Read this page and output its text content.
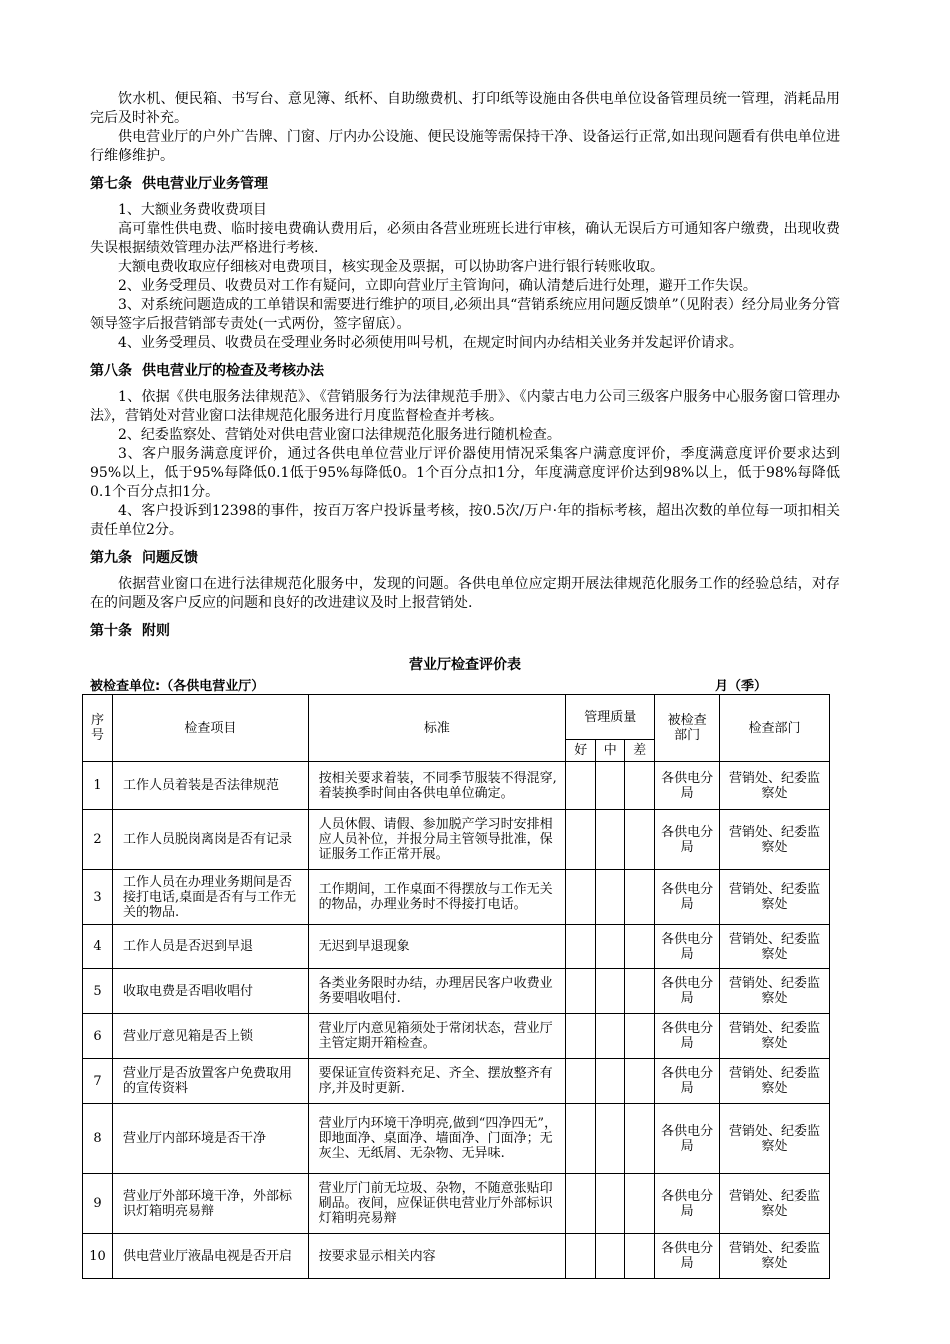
饮水机、便民箱、书写台、意见簿、纸杯、自助缴费机、打印纸等设施由各供电单位设备管理员统一管理，消耗品用完后及时补充。

供电营业厅的户外广告牌、门窗、厅内办公设施、便民设施等需保持干净、设备运行正常,如出现问题看有供电单位进行维修维护。

第七条 供电营业厅业务管理

1、大额业务费收费项目

高可靠性供电费、临时接电费确认费用后，必须由各营业班班长进行审核，确认无误后方可通知客户缴费，出现收费失误根据绩效管理办法严格进行考核.

大额电费收取应仔细核对电费项目，核实现金及票据，可以协助客户进行银行转账收取。

2、业务受理员、收费员对工作有疑问，立即向营业厅主管询问，确认清楚后进行处理，避开工作失误。

3、对系统问题造成的工单错误和需要进行维护的项目,必须出具“营销系统应用问题反馈单”（见附表）经分局业务分管领导签字后报营销部专责处(一式两份，签字留底）。

4、业务受理员、收费员在受理业务时必须使用叫号机，在规定时间内办结相关业务并发起评价请求。

第八条 供电营业厅的检查及考核办法

1、依据《供电服务法律规范》、《营销服务行为法律规范手册》、《内蒙古电力公司三级客户服务中心服务窗口管理办法》，营销处对营业窗口法律规范化服务进行月度监督检查并考核。

2、纪委监察处、营销处对供电营业窗口法律规范化服务进行随机检查。

3、客户服务满意度评价，通过各供电单位营业厅评价器使用情况采集客户满意度评价，季度满意度评价要求达到95%以上，低于95%每降低0.1低于95%每降低0。1个百分点扣1分，年度满意度评价达到98%以上，低于98%每降低0.1个百分点扣1分。

4、客户投诉到12398的事件，按百万客户投诉量考核，按0.5次/万户·年的指标考核，超出次数的单位每一项扣相关责任单位2分。

第九条 问题反馈

依据营业窗口在进行法律规范化服务中，发现的问题。各供电单位应定期开展法律规范化服务工作的经验总结，对存在的问题及客户反应的问题和良好的改进建议及时上报营销处.

第十条 附则
营业厅检查评价表
被检查单位:（各供电营业厅）	月（季）
序号	检查项目	标准	管理质量			被检查部门	检查部门
			好	中	差		
1	工作人员着装是否法律规范	按相关要求着装，不同季节服装不得混穿,着装换季时间由各供电单位确定。				各供电分局	营销处、纪委监察处
2	工作人员脱岗离岗是否有记录	人员休假、请假、参加脱产学习时安排相应人员补位，并报分局主管领导批准，保证服务工作正常开展。				各供电分局	营销处、纪委监察处
3	工作人员在办理业务期间是否接打电话,桌面是否有与工作无关的物品.	工作期间，工作桌面不得摆放与工作无关的物品，办理业务时不得接打电话。				各供电分局	营销处、纪委监察处
4	工作人员是否迟到早退	无迟到早退现象				各供电分局	营销处、纪委监察处
5	收取电费是否唱收唱付	各类业务限时办结，办理居民客户收费业务要唱收唱付.				各供电分局	营销处、纪委监察处
6	营业厅意见箱是否上锁	营业厅内意见箱须处于常闭状态，营业厅主管定期开箱检查。				各供电分局	营销处、纪委监察处
7	营业厅是否放置客户免费取用的宣传资料	要保证宣传资料充足、齐全、摆放整齐有序,并及时更新.				各供电分局	营销处、纪委监察处
8	营业厅内部环境是否干净	营业厅内环境干净明亮,做到“四净四无”，即地面净、桌面净、墙面净、门面净；无灰尘、无纸屑、无杂物、无异味.				各供电分局	营销处、纪委监察处
9	营业厅外部环境干净，外部标识灯箱明亮易辩	营业厅门前无垃圾、杂物，不随意张贴印刷品。夜间，应保证供电营业厅外部标识灯箱明亮易辩				各供电分局	营销处、纪委监察处
10	供电营业厅液晶电视是否开启	按要求显示相关内容				各供电分局	营销处、纪委监察处
